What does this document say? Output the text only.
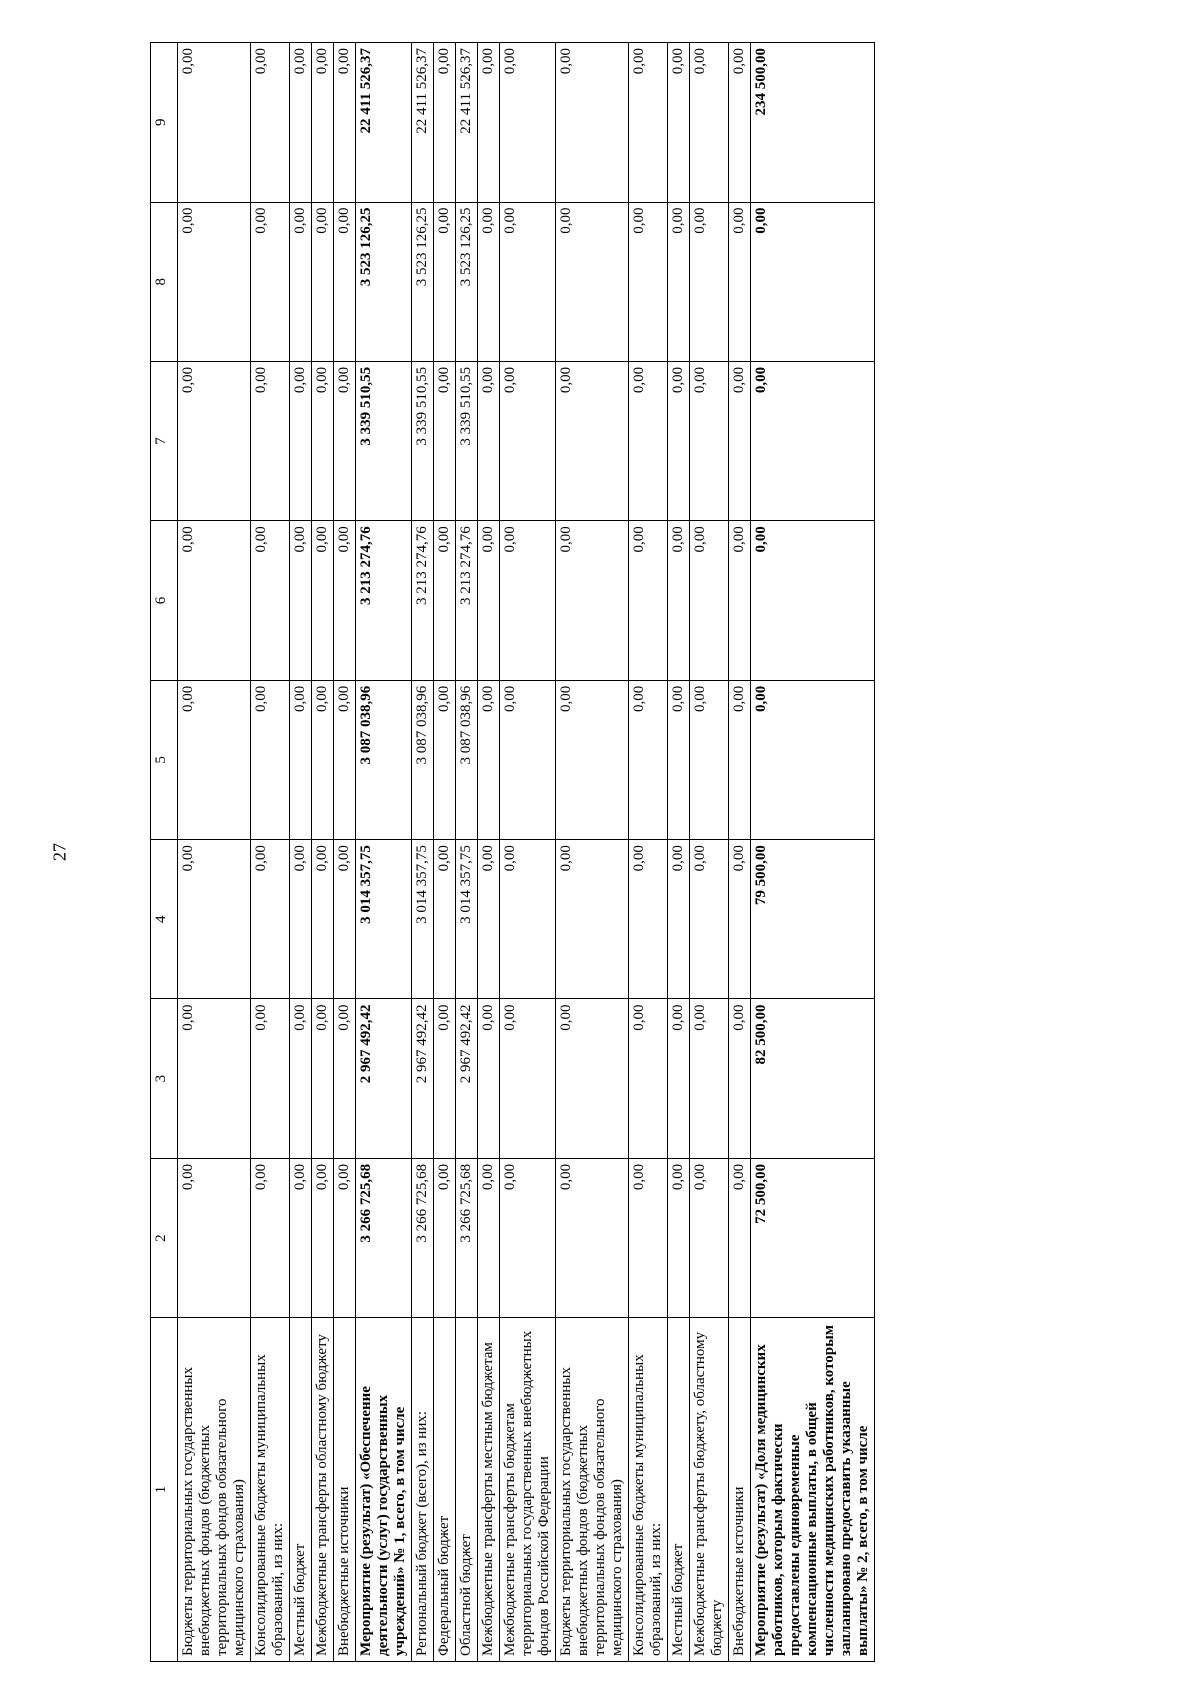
27
1	2	3	4	5	6	7	8	9
Бюджеты территориальных государственных внебюджетных фондов (бюджетных территориальных фондов обязательного медицинского страхования)	0,00	0,00	0,00	0,00	0,00	0,00	0,00	0,00
Консолидированные бюджеты муниципальных образований, из них:	0,00	0,00	0,00	0,00	0,00	0,00	0,00	0,00
Местный бюджет	0,00	0,00	0,00	0,00	0,00	0,00	0,00	0,00
Межбюджетные трансферты областному бюджету	0,00	0,00	0,00	0,00	0,00	0,00	0,00	0,00
Внебюджетные источники	0,00	0,00	0,00	0,00	0,00	0,00	0,00	0,00
Мероприятие (результат) «Обеспечение деятельности (услуг) государственных учреждений» № 1, всего, в том числе	3 266 725,68	2 967 492,42	3 014 357,75	3 087 038,96	3 213 274,76	3 339 510,55	3 523 126,25	22 411 526,37
Региональный бюджет (всего), из них:	3 266 725,68	2 967 492,42	3 014 357,75	3 087 038,96	3 213 274,76	3 339 510,55	3 523 126,25	22 411 526,37
Федеральный бюджет	0,00	0,00	0,00	0,00	0,00	0,00	0,00	0,00
Областной бюджет	3 266 725,68	2 967 492,42	3 014 357,75	3 087 038,96	3 213 274,76	3 339 510,55	3 523 126,25	22 411 526,37
Межбюджетные трансферты местным бюджетам	0,00	0,00	0,00	0,00	0,00	0,00	0,00	0,00
Межбюджетные трансферты бюджетам территориальных государственных внебюджетных фондов Российской Федерации	0,00	0,00	0,00	0,00	0,00	0,00	0,00	0,00
Бюджеты территориальных государственных внебюджетных фондов (бюджетных территориальных фондов обязательного медицинского страхования)	0,00	0,00	0,00	0,00	0,00	0,00	0,00	0,00
Консолидированные бюджеты муниципальных образований, из них:	0,00	0,00	0,00	0,00	0,00	0,00	0,00	0,00
Местный бюджет	0,00	0,00	0,00	0,00	0,00	0,00	0,00	0,00
Межбюджетные трансферты бюджету, областному бюджету	0,00	0,00	0,00	0,00	0,00	0,00	0,00	0,00
Внебюджетные источники	0,00	0,00	0,00	0,00	0,00	0,00	0,00	0,00
Мероприятие (результат) «Доля медицинских работников, которым фактически предоставлены единовременные компенсационные выплаты, в общей численности медицинских работников, которым запланировано предоставить указанные выплаты» № 2, всего, в том числе	72 500,00	82 500,00	79 500,00	0,00	0,00	0,00	0,00	234 500,00
